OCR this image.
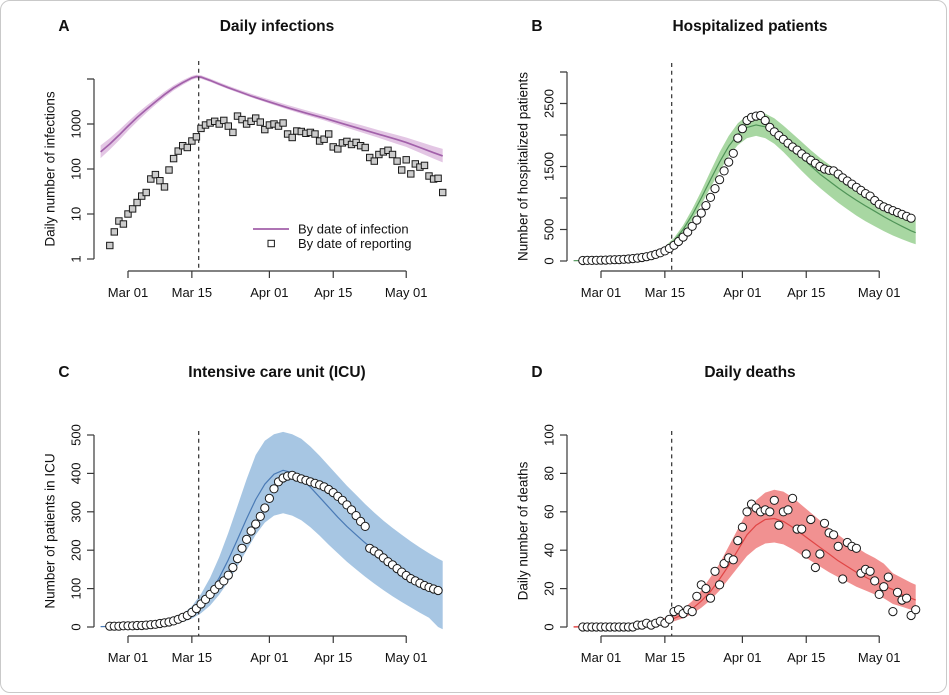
Mar 01 Mar 15	Apr 01 Apr 15 May 01
1
10
100
1000
Daily number of infections
Daily infections
A
By date of infection
By date of reporting
Mar 01 Mar 15	Apr 01 Apr 15 May 01
0
500
1500
2500
Number of hospitalized patients
Hospitalized patients
B
Mar 01 Mar 15	Apr 01 Apr 15 May 01
0
100
200
300
400
500
Number of patients in ICU
Intensive care unit (ICU)
C
Mar 01 Mar 15	Apr 01 Apr 15 May 01
0
20
40
60
80
100
Daily number of deaths
Daily deaths
D
